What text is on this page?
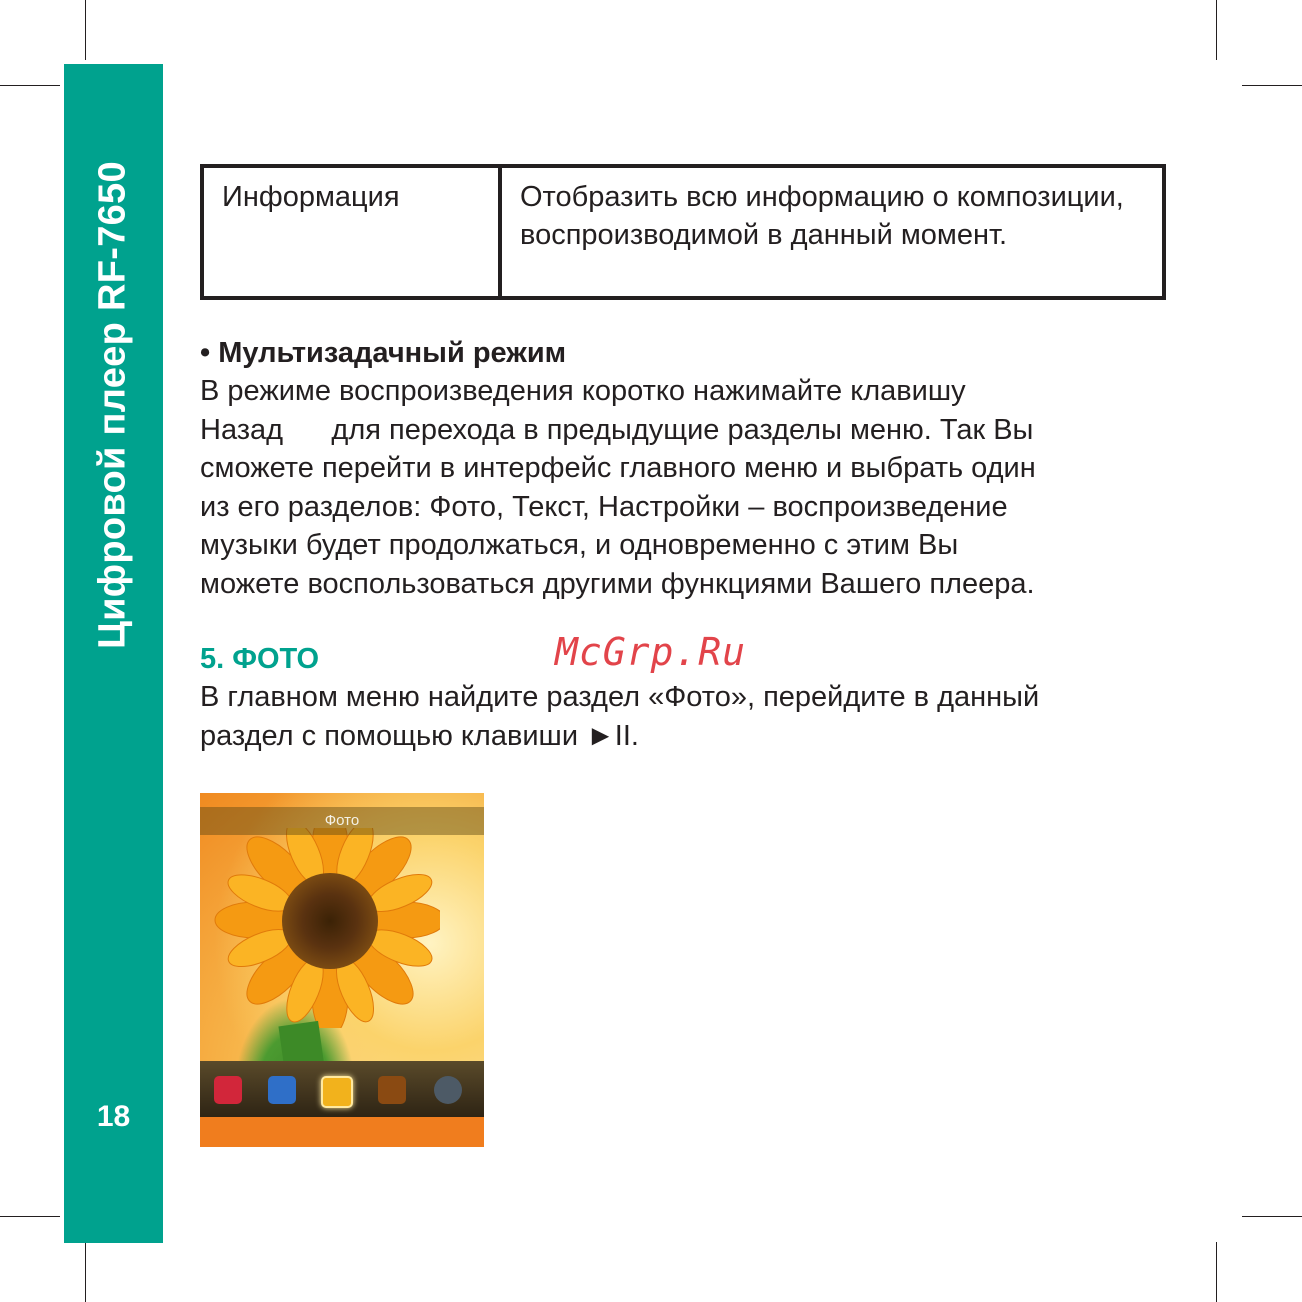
Цифровой плеер RF-7650
18
Информация	Отобразить всю информацию о композиции, воспроизводимой в данный момент.
• Мультизадачный режим
В режиме воспроизведения коротко нажимайте клавишу
Назад      для перехода в предыдущие разделы меню. Так Вы
сможете перейти в интерфейс главного меню и выбрать один
из его разделов: Фото, Текст, Настройки – воспроизведение
музыки будет продолжаться, и одновременно с этим Вы
можете воспользоваться другими функциями Вашего плеера.
5. ФОТО	McGrp.Ru
В главном меню найдите раздел «Фото», перейдите в данный
раздел с помощью клавиши ►II.
Фото
